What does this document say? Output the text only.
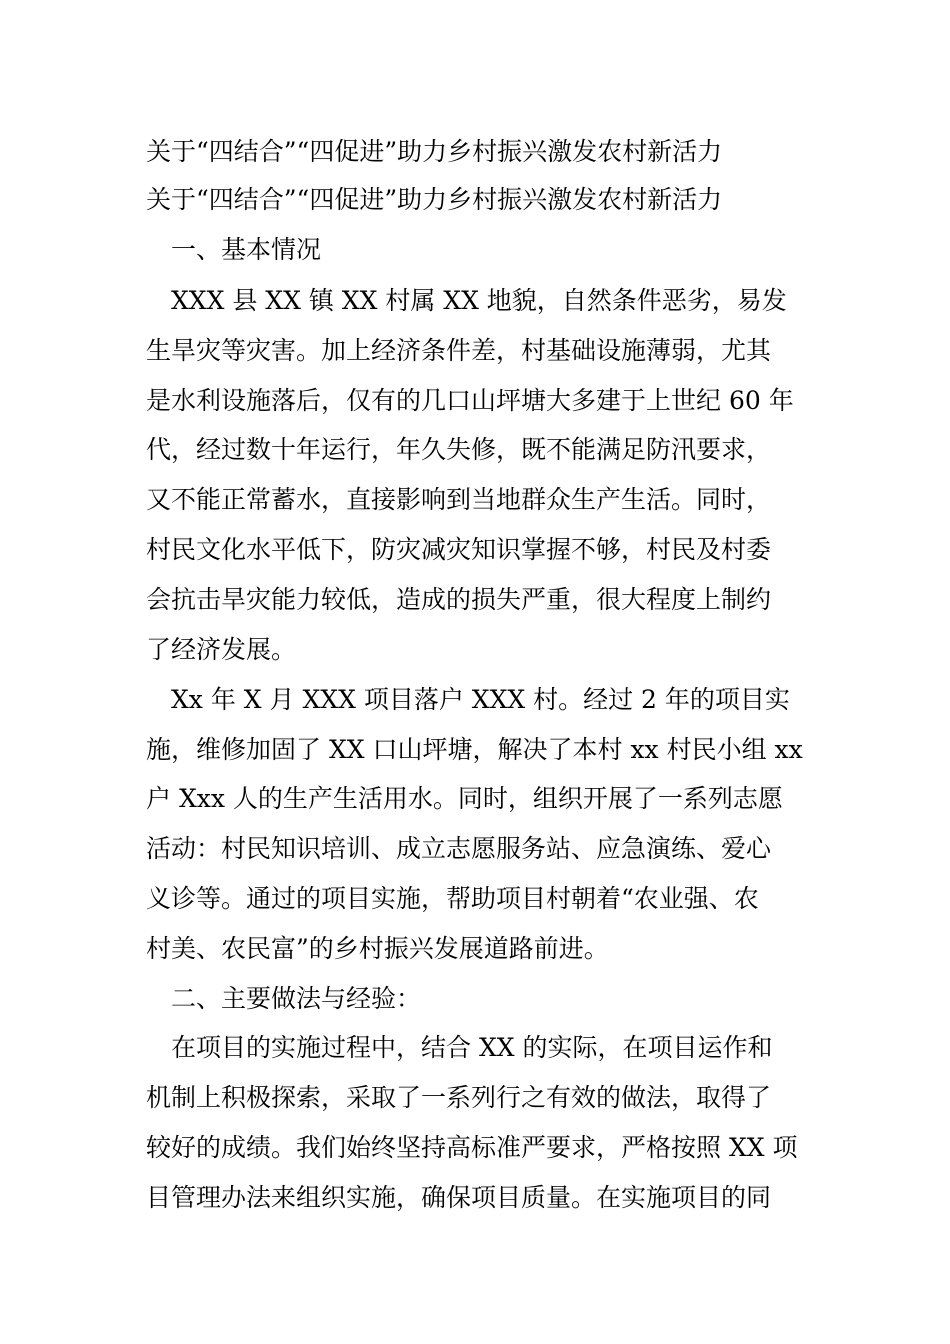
关于“四结合”“四促进”助力乡村振兴激发农村新活力
关于“四结合”“四促进”助力乡村振兴激发农村新活力
　一、基本情况
　XXX 县 XX 镇 XX 村属 XX 地貌，自然条件恶劣，易发
生旱灾等灾害。加上经济条件差，村基础设施薄弱，尤其
是水利设施落后，仅有的几口山坪塘大多建于上世纪 60 年
代，经过数十年运行，年久失修，既不能满足防汛要求，
又不能正常蓄水，直接影响到当地群众生产生活。同时，
村民文化水平低下，防灾减灾知识掌握不够，村民及村委
会抗击旱灾能力较低，造成的损失严重，很大程度上制约
了经济发展。
　Xx 年 X 月 XXX 项目落户 XXX 村。经过 2 年的项目实
施，维修加固了 XX 口山坪塘，解决了本村 xx 村民小组 xx
户 Xxx 人的生产生活用水。同时，组织开展了一系列志愿
活动：村民知识培训、成立志愿服务站、应急演练、爱心
义诊等。通过的项目实施，帮助项目村朝着“农业强、农
村美、农民富”的乡村振兴发展道路前进。
　二、主要做法与经验：
　在项目的实施过程中，结合 XX 的实际，在项目运作和
机制上积极探索，采取了一系列行之有效的做法，取得了
较好的成绩。我们始终坚持高标准严要求，严格按照 XX 项
目管理办法来组织实施，确保项目质量。在实施项目的同
